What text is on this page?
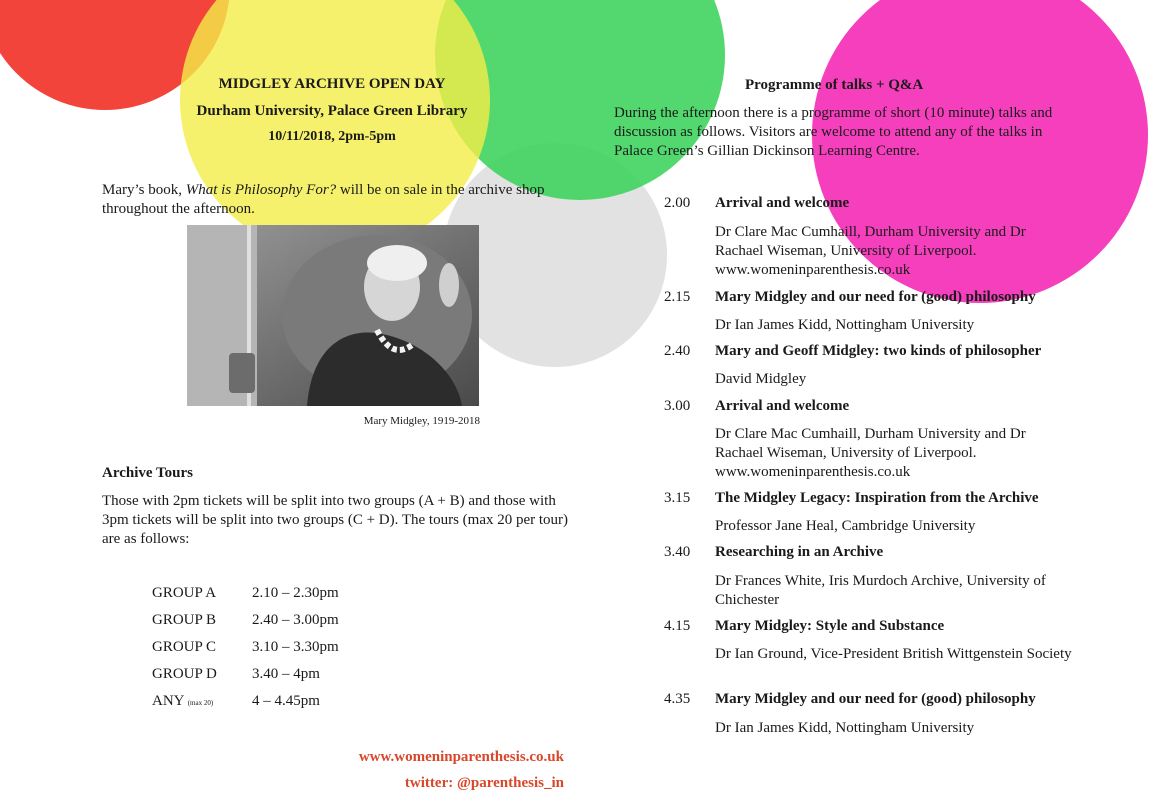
MIDGLEY ARCHIVE OPEN DAY
Durham University, Palace Green Library
10/11/2018, 2pm-5pm
Mary’s book, What is Philosophy For? will be on sale in the archive shop throughout the afternoon.
Mary Midgley, 1919-2018
Archive Tours
Those with 2pm tickets will be split into two groups (A + B) and those with 3pm tickets will be split into two groups (C + D). The tours (max 20 per tour) are as follows:
GROUP A	2.10 – 2.30pm
GROUP B	2.40 – 3.00pm
GROUP C	3.10 – 3.30pm
GROUP D	3.40 – 4pm
ANY (max 20)	4 – 4.45pm
www.womeninparenthesis.co.uk
twitter: @parenthesis_in
Programme of talks + Q&A
During the afternoon there is a programme of short (10 minute) talks and discussion as follows. Visitors are welcome to attend any of the talks in Palace Green’s Gillian Dickinson Learning Centre.
2.00 Arrival and welcome
Dr Clare Mac Cumhaill, Durham University and Dr Rachael Wiseman, University of Liverpool. www.womeninparenthesis.co.uk
2.15 Mary Midgley and our need for (good) philosophy
Dr Ian James Kidd, Nottingham University
2.40 Mary and Geoff Midgley: two kinds of philosopher
David Midgley
3.00 Arrival and welcome
Dr Clare Mac Cumhaill, Durham University and Dr Rachael Wiseman, University of Liverpool. www.womeninparenthesis.co.uk
3.15 The Midgley Legacy: Inspiration from the Archive
Professor Jane Heal, Cambridge University
3.40 Researching in an Archive
Dr Frances White, Iris Murdoch Archive, University of Chichester
4.15 Mary Midgley: Style and Substance
Dr Ian Ground, Vice-President British Wittgenstein Society
4.35 Mary Midgley and our need for (good) philosophy
Dr Ian James Kidd, Nottingham University
